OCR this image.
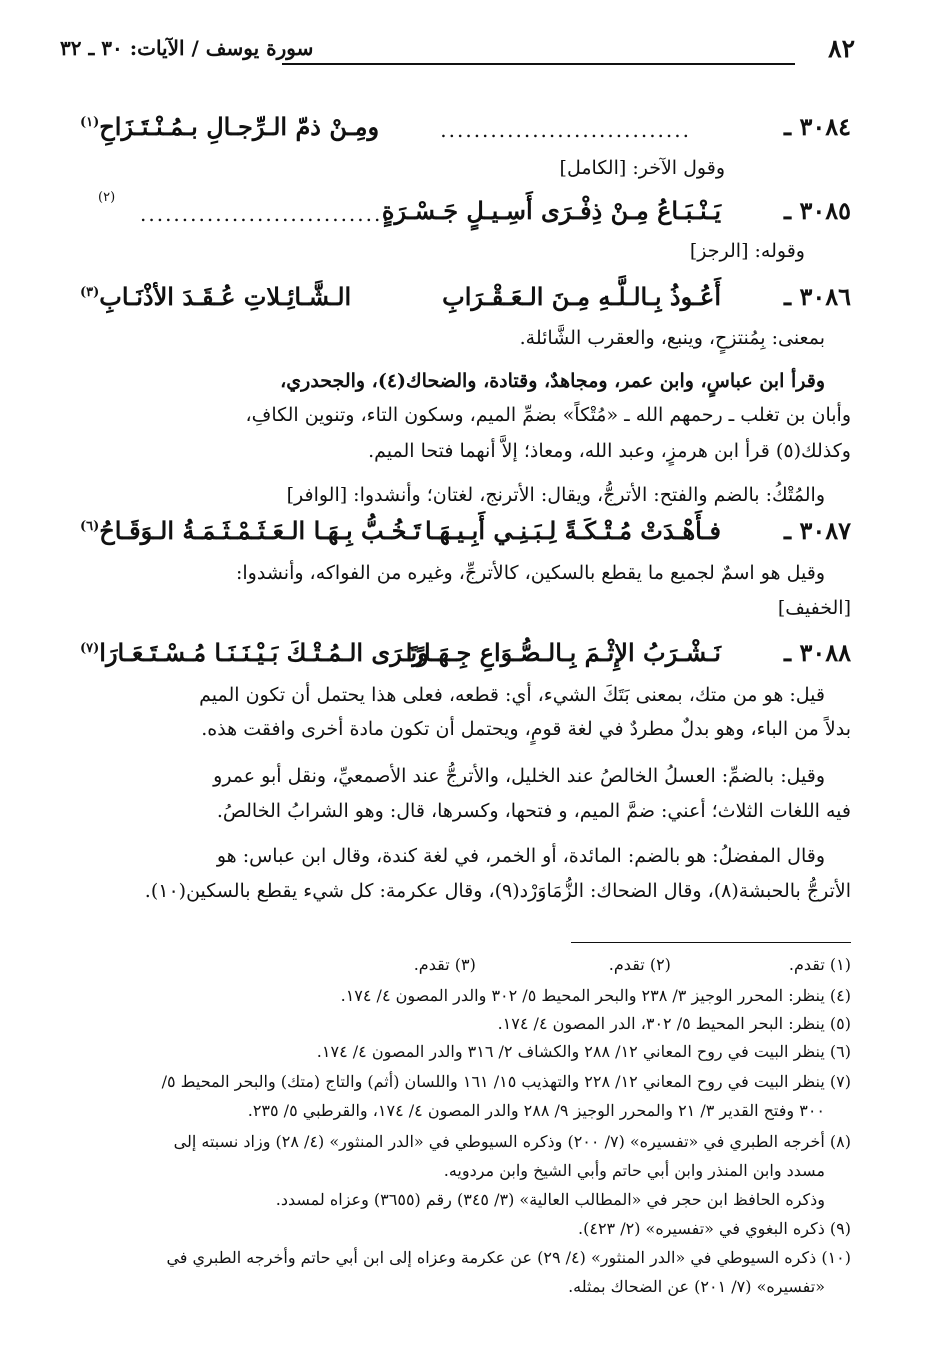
٨٢
سورة يوسف / الآيات: ٣٠ ـ ٣٢
٣٠٨٤ ـ
..............................
ومِـنْ ذمّ الـرِّجـالِ بـمُـنْـتَـزَاحِ$^{(١)}$
وقول الآخر: [الكامل]
٣٠٨٥ ـ
يَـنْـبَـاعُ مِـنْ ذِفْـرَى أَسِـيـلٍ جَـسْـرَةٍ
..............................
(٢)
وقوله: [الرجز]
٣٠٨٦ ـ
أَعُـوذُ بِـالـلَّـهِ مِـنَ الـعَـقْـرَابِ
الـشَّـائِـلاتِ عُـقَـدَ الأذْنَـابِ$^{(٣)}$
بمعنى: بِمُنتزحٍ، وينبع، والعقرب الشَّائلة.
وقرأ ابن عباسٍ، وابن عمر، ومجاهدٌ، وقتادة، والضحاك(٤)، والجحدري،
وأبان بن تغلب ـ رحمهم الله ـ «مُتْكاً» بضمِّ الميم، وسكون التاء، وتنوين الكافِ،
وكذلك(٥) قرأ ابن هرمزٍ، وعبد الله، ومعاذ؛ إلاَّ أنهما فتحا الميم.
والمُتْكُ: بالضم والفتح: الأترجُّ، ويقال: الأترنج، لغتان؛ وأنشدوا: [الوافر]
٣٠٨٧ ـ
فـأَهْـدَتْ مُـتْـكَـةً لِـبَـنِـي أَبِـيـهَـا
تَـخُـبُّ بِـهَـا الـعَـثَـمْـثَـمَـةُ الـوَقَـاحُ$^{(٦)}$
وقيل هو اسمٌ لجميع ما يقطع بالسكين، كالأترجِّ، وغيره من الفواكه، وأنشدوا:
[الخفيف]
٣٠٨٨ ـ
نَـشْـرَبُ الإِثْـمَ بِـالـصُّـوَاعِ جِـهَـارًا
وتَـرَى الـمُـتْـكَ بَـيْـنَـنَـا مُـسْـتَـعَـارَا$^{(٧)}$
قيل: هو من متك، بمعنى بَتَكَ الشيء، أي: قطعه، فعلى هذا يحتمل أن تكون الميم
بدلاً من الباء، وهو بدلٌ مطردٌ في لغة قومٍ، ويحتمل أن تكون مادة أخرى وافقت هذه.
وقيل: بالضمِّ: العسلُ الخالصُ عند الخليل، والأترجُّ عند الأصمعيِّ، ونقل أبو عمرو
فيه اللغات الثلاث؛ أعني: ضمَّ الميم، و فتحها، وكسرها، قال: وهو الشرابُ الخالصُ.
وقال المفضلُ: هو بالضم: المائدة، أو الخمر، في لغة كندة، وقال ابن عباس: هو
الأترجُّ بالحبشة(٨)، وقال الضحاك: الزُّمَاوَرْد(٩)، وقال عكرمة: كل شيء يقطع بالسكين(١٠).
(١) تقدم. (٢) تقدم. (٣) تقدم.
(٤) ينظر: المحرر الوجيز ٣/ ٢٣٨ والبحر المحيط ٥/ ٣٠٢ والدر المصون ٤/ ١٧٤.
(٥) ينظر: البحر المحيط ٥/ ٣٠٢، الدر المصون ٤/ ١٧٤.
(٦) ينظر البيت في روح المعاني ١٢/ ٢٨٨ والكشاف ٢/ ٣١٦ والدر المصون ٤/ ١٧٤.
(٧) ينظر البيت في روح المعاني ١٢/ ٢٢٨ والتهذيب ١٥/ ١٦١ واللسان (أثم) والتاج (متك) والبحر المحيط ٥/
٣٠٠ وفتح القدير ٣/ ٢١ والمحرر الوجيز ٩/ ٢٨٨ والدر المصون ٤/ ١٧٤، والقرطبي ٥/ ٢٣٥.
(٨) أخرجه الطبري في «تفسيره» (٧/ ٢٠٠) وذكره السيوطي في «الدر المنثور» (٤/ ٢٨) وزاد نسبته إلى
مسدد وابن المنذر وابن أبي حاتم وأبي الشيخ وابن مردويه.
وذكره الحافظ ابن حجر في «المطالب العالية» (٣/ ٣٤٥) رقم (٣٦٥٥) وعزاه لمسدد.
(٩) ذكره البغوي في «تفسيره» (٢/ ٤٢٣).
(١٠) ذكره السيوطي في «الدر المنثور» (٤/ ٢٩) عن عكرمة وعزاه إلى ابن أبي حاتم وأخرجه الطبري في
«تفسيره» (٧/ ٢٠١) عن الضحاك بمثله.
